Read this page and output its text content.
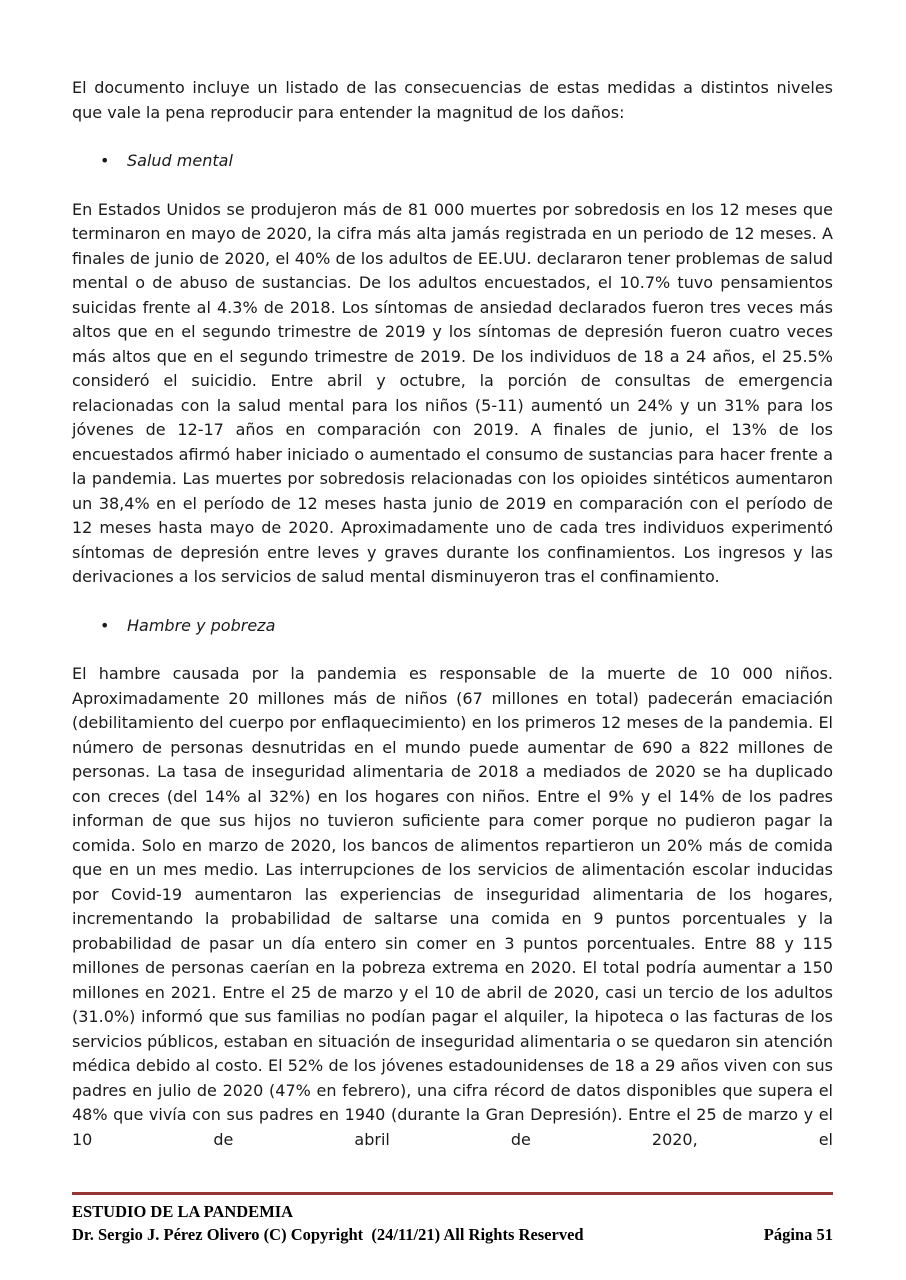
El documento incluye un listado de las consecuencias de estas medidas a distintos niveles que vale la pena reproducir para entender la magnitud de los daños:

• Salud mental

En Estados Unidos se produjeron más de 81 000 muertes por sobredosis en los 12 meses que terminaron en mayo de 2020, la cifra más alta jamás registrada en un periodo de 12 meses. A finales de junio de 2020, el 40% de los adultos de EE.UU. declararon tener problemas de salud mental o de abuso de sustancias. De los adultos encuestados, el 10.7% tuvo pensamientos suicidas frente al 4.3% de 2018. Los síntomas de ansiedad declarados fueron tres veces más altos que en el segundo trimestre de 2019 y los síntomas de depresión fueron cuatro veces más altos que en el segundo trimestre de 2019. De los individuos de 18 a 24 años, el 25.5% consideró el suicidio. Entre abril y octubre, la porción de consultas de emergencia relacionadas con la salud mental para los niños (5-11) aumentó un 24% y un 31% para los jóvenes de 12-17 años en comparación con 2019. A finales de junio, el 13% de los encuestados afirmó haber iniciado o aumentado el consumo de sustancias para hacer frente a la pandemia. Las muertes por sobredosis relacionadas con los opioides sintéticos aumentaron un 38,4% en el período de 12 meses hasta junio de 2019 en comparación con el período de 12 meses hasta mayo de 2020. Aproximadamente uno de cada tres individuos experimentó síntomas de depresión entre leves y graves durante los confinamientos. Los ingresos y las derivaciones a los servicios de salud mental disminuyeron tras el confinamiento.

• Hambre y pobreza

El hambre causada por la pandemia es responsable de la muerte de 10 000 niños. Aproximadamente 20 millones más de niños (67 millones en total) padecerán emaciación (debilitamiento del cuerpo por enflaquecimiento) en los primeros 12 meses de la pandemia. El número de personas desnutridas en el mundo puede aumentar de 690 a 822 millones de personas. La tasa de inseguridad alimentaria de 2018 a mediados de 2020 se ha duplicado con creces (del 14% al 32%) en los hogares con niños. Entre el 9% y el 14% de los padres informan de que sus hijos no tuvieron suficiente para comer porque no pudieron pagar la comida. Solo en marzo de 2020, los bancos de alimentos repartieron un 20% más de comida que en un mes medio. Las interrupciones de los servicios de alimentación escolar inducidas por Covid-19 aumentaron las experiencias de inseguridad alimentaria de los hogares, incrementando la probabilidad de saltarse una comida en 9 puntos porcentuales y la probabilidad de pasar un día entero sin comer en 3 puntos porcentuales. Entre 88 y 115 millones de personas caerían en la pobreza extrema en 2020. El total podría aumentar a 150 millones en 2021. Entre el 25 de marzo y el 10 de abril de 2020, casi un tercio de los adultos (31.0%) informó que sus familias no podían pagar el alquiler, la hipoteca o las facturas de los servicios públicos, estaban en situación de inseguridad alimentaria o se quedaron sin atención médica debido al costo. El 52% de los jóvenes estadounidenses de 18 a 29 años viven con sus padres en julio de 2020 (47% en febrero), una cifra récord de datos disponibles que supera el 48% que vivía con sus padres en 1940 (durante la Gran Depresión). Entre el 25 de marzo y el 10 de abril de 2020, el

ESTUDIO DE LA PANDEMIA
Dr. Sergio J. Pérez Olivero (C) Copyright  (24/11/21) All Rights Reserved	Página 51
